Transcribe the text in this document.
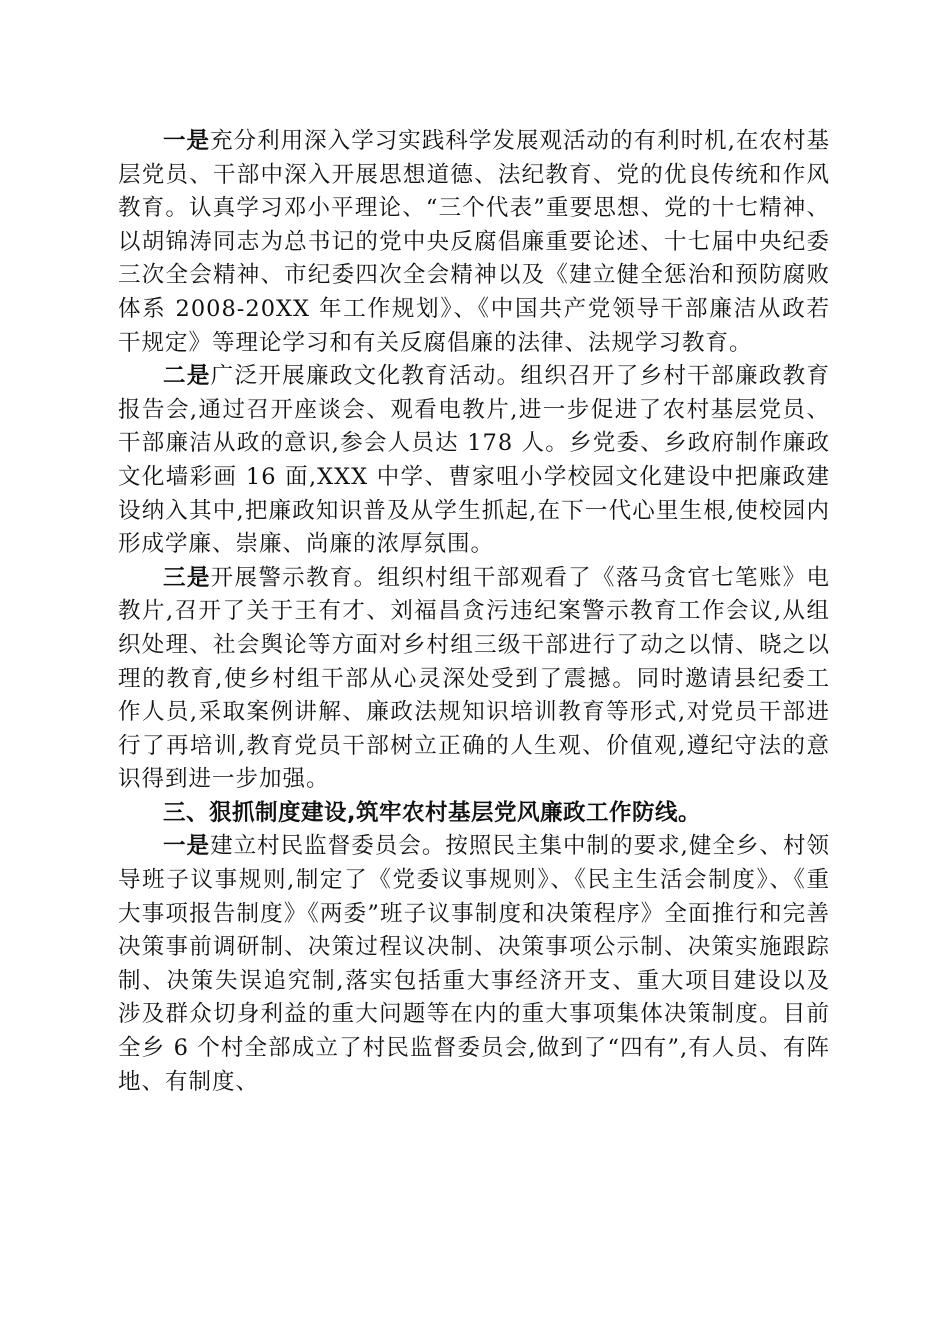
一是充分利用深入学习实践科学发展观活动的有利时机,在农村基层党员、干部中深入开展思想道德、法纪教育、党的优良传统和作风教育。认真学习邓小平理论、“三个代表”重要思想、党的十七精神、以胡锦涛同志为总书记的党中央反腐倡廉重要论述、十七届中央纪委三次全会精神、市纪委四次全会精神以及《建立健全惩治和预防腐败体系 2008-20XX 年工作规划》、《中国共产党领导干部廉洁从政若干规定》等理论学习和有关反腐倡廉的法律、法规学习教育。

二是广泛开展廉政文化教育活动。组织召开了乡村干部廉政教育报告会,通过召开座谈会、观看电教片,进一步促进了农村基层党员、干部廉洁从政的意识,参会人员达 178 人。乡党委、乡政府制作廉政文化墙彩画 16 面,XXX 中学、曹家咀小学校园文化建设中把廉政建设纳入其中,把廉政知识普及从学生抓起,在下一代心里生根,使校园内形成学廉、崇廉、尚廉的浓厚氛围。

三是开展警示教育。组织村组干部观看了《落马贪官七笔账》电教片,召开了关于王有才、刘福昌贪污违纪案警示教育工作会议,从组织处理、社会舆论等方面对乡村组三级干部进行了动之以情、晓之以理的教育,使乡村组干部从心灵深处受到了震撼。同时邀请县纪委工作人员,采取案例讲解、廉政法规知识培训教育等形式,对党员干部进行了再培训,教育党员干部树立正确的人生观、价值观,遵纪守法的意识得到进一步加强。

三、狠抓制度建设,筑牢农村基层党风廉政工作防线。

一是建立村民监督委员会。按照民主集中制的要求,健全乡、村领导班子议事规则,制定了《党委议事规则》、《民主生活会制度》、《重大事项报告制度》《两委”班子议事制度和决策程序》全面推行和完善决策事前调研制、决策过程议决制、决策事项公示制、决策实施跟踪制、决策失误追究制,落实包括重大事经济开支、重大项目建设以及涉及群众切身利益的重大问题等在内的重大事项集体决策制度。目前全乡 6 个村全部成立了村民监督委员会,做到了“四有”,有人员、有阵地、有制度、
